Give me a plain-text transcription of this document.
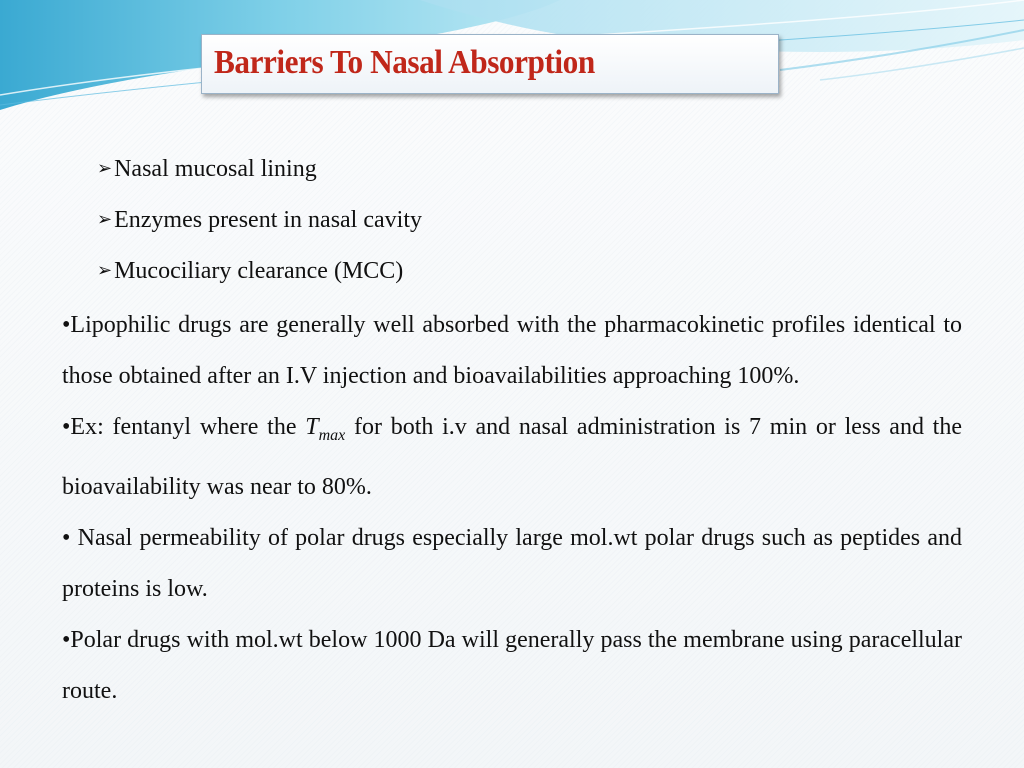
Barriers To Nasal Absorption
➢Nasal mucosal lining
➢Enzymes present in nasal cavity
➢Mucociliary clearance (MCC)

•Lipophilic drugs are generally well absorbed with the pharmacokinetic profiles identical to those obtained after an I.V injection and bioavailabilities approaching 100%.

•Ex: fentanyl where the $T_{max}$ for both i.v and nasal administration is 7 min or less and the bioavailability was near to 80%.

• Nasal permeability of polar drugs especially large mol.wt polar drugs such as peptides and proteins is low.

•Polar drugs with mol.wt below 1000 Da will generally pass the membrane using paracellular route.
